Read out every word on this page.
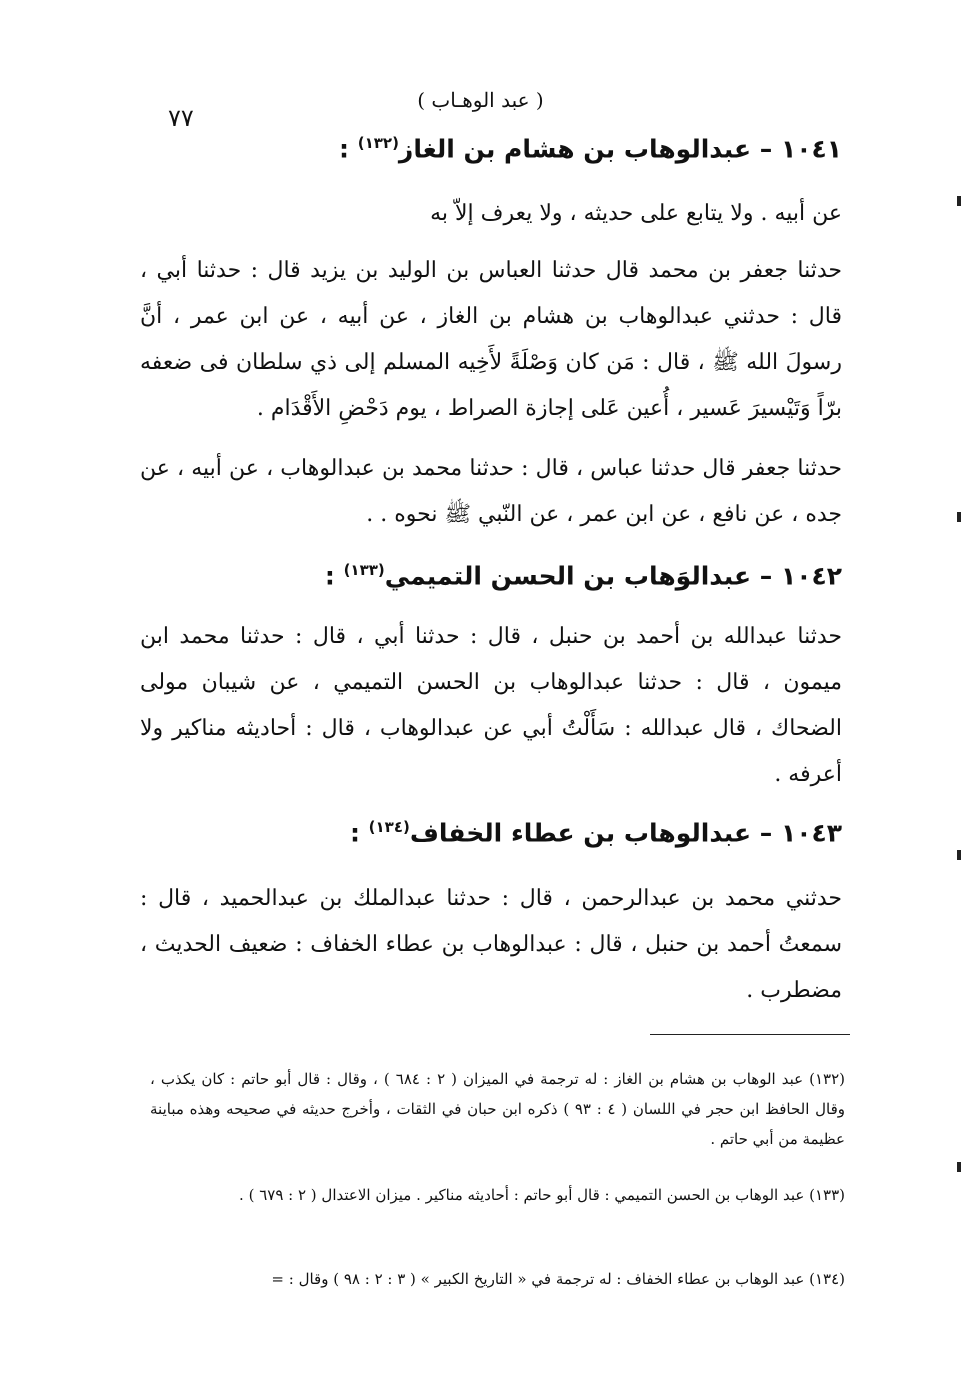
( عبد الوهـاب )
٧٧
١٠٤١ – عبدالوهاب بن هشام بن الغاز$^{(١٣٢)}$ :

عن أبيه . ولا يتابع على حديثه ، ولا يعرف إلاّ به

حدثنا جعفر بن محمد قال حدثنا العباس بن الوليد بن يزيد قال : حدثنا أبي ، قال : حدثني عبدالوهاب بن هشام بن الغاز ، عن أبيه ، عن ابن عمر ، أنَّ رسولَ الله ﷺ ، قال : مَن كان وَصْلَةً لأَخِيه المسلم إلى ذي سلطان فى ضعفه برّاً وَتَيْسيرَ عَسير ، أُعين عَلى إجازة الصراط ، يوم دَحْضِ الأَقْدَام .

حدثنا جعفر قال حدثنا عباس ، قال : حدثنا محمد بن عبدالوهاب ، عن أبيه ، عن جده ، عن نافع ، عن ابن عمر ، عن النّبي ﷺ نحوه . .

١٠٤٢ – عبدالوَهاب بن الحسن التميمي$^{(١٣٣)}$ :

حدثنا عبدالله بن أحمد بن حنبل ، قال : حدثنا أبي ، قال : حدثنا محمد ابن ميمون ، قال : حدثنا عبدالوهاب بن الحسن التميمي ، عن شيبان مولى الضحاك ، قال عبدالله : سَأَلْتُ أبي عن عبدالوهاب ، قال : أحاديثه مناكير ولا أعرفه .

١٠٤٣ – عبدالوهاب بن عطاء الخفاف$^{(١٣٤)}$ :

حدثني محمد بن عبدالرحمن ، قال : حدثنا عبدالملك بن عبدالحميد ، قال : سمعتُ أحمد بن حنبل ، قال : عبدالوهاب بن عطاء الخفاف : ضعيف الحديث ، مضطرب .

(١٣٢) عبد الوهاب بن هشام بن الغاز : له ترجمة في الميزان ( ٢ : ٦٨٤ ) ، وقال : قال أبو حاتم : كان يكذب ، وقال الحافظ ابن حجر في اللسان ( ٤ : ٩٣ ) ذكره ابن حبان في الثقات ، وأخرج حديثه في صحيحه وهذه مباينة عظيمة من أبي حاتم .

(١٣٣) عبد الوهاب بن الحسن التميمي : قال أبو حاتم : أحاديثه مناكير . ميزان الاعتدال ( ٢ : ٦٧٩ ) .

(١٣٤) عبد الوهاب بن عطاء الخفاف : له ترجمة في « التاريخ الكبير » ( ٣ : ٢ : ٩٨ ) وقال : =
